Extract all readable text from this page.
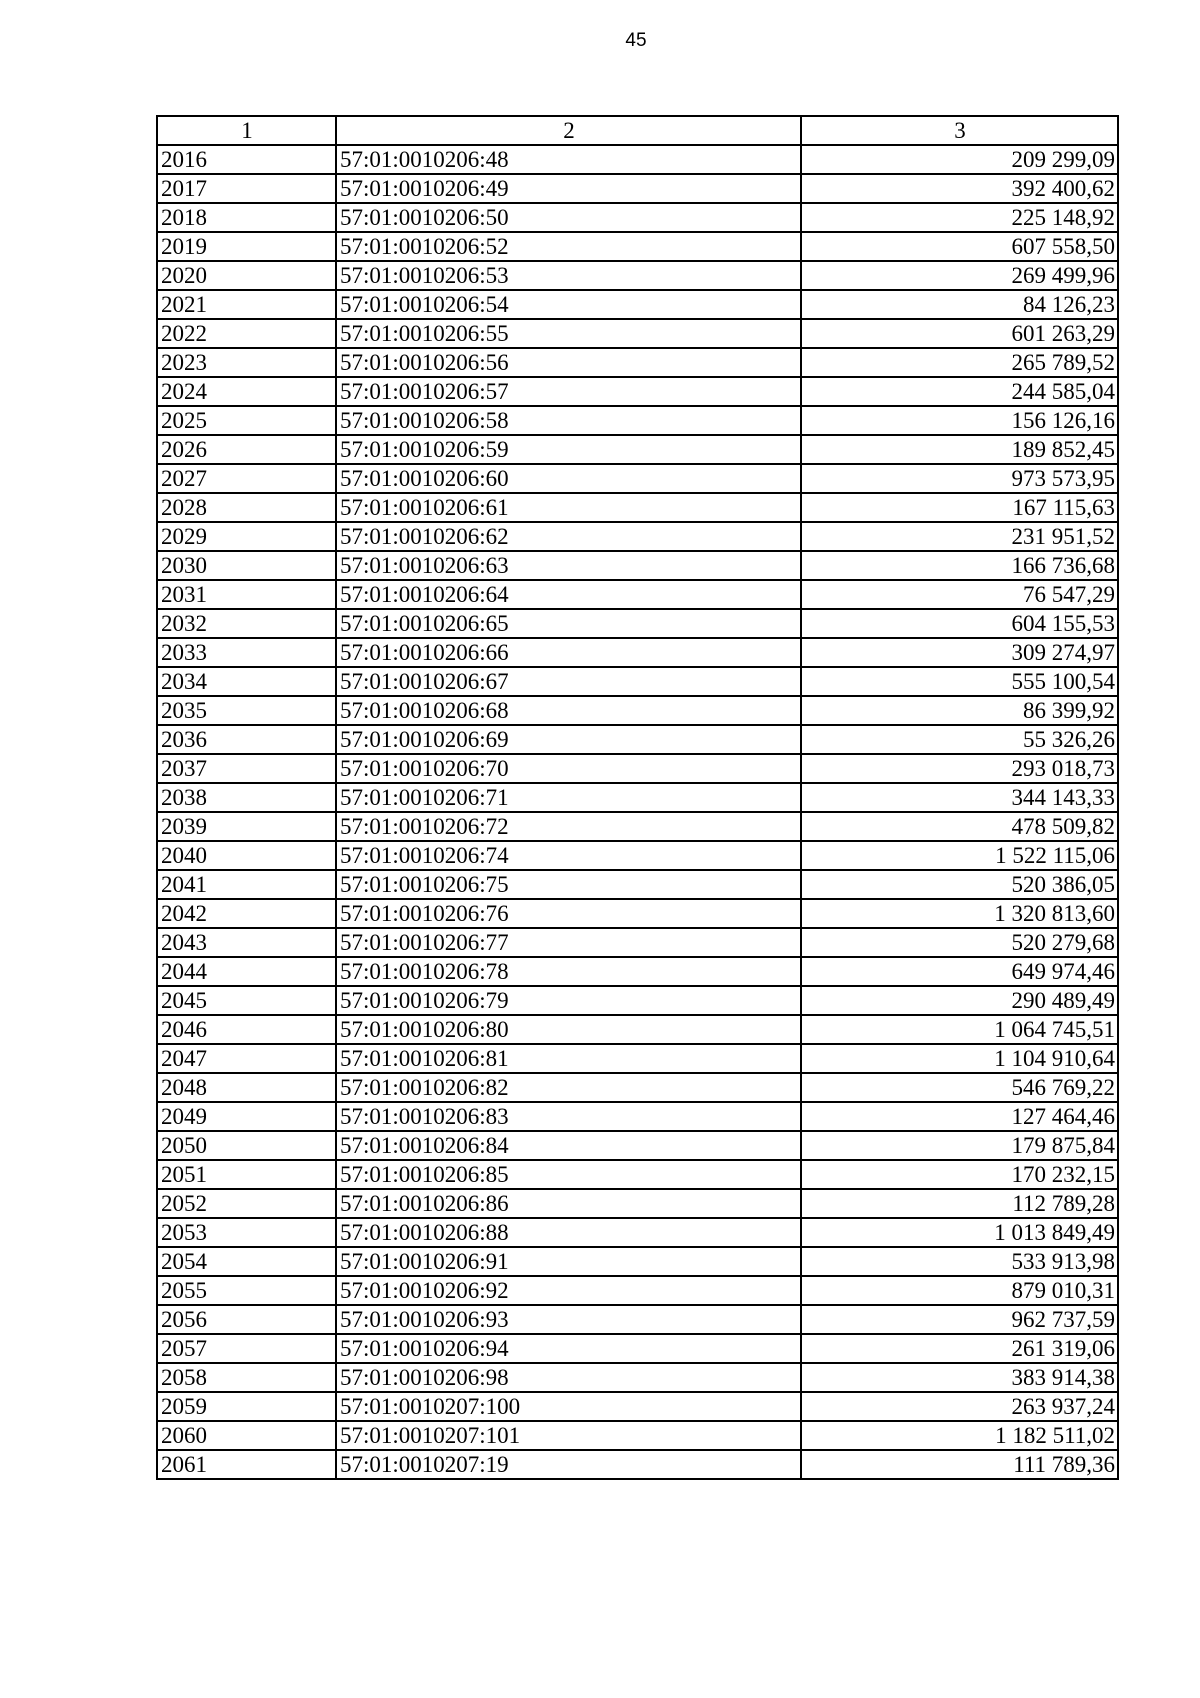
45
1	2	3
2016	57:01:0010206:48	209 299,09
2017	57:01:0010206:49	392 400,62
2018	57:01:0010206:50	225 148,92
2019	57:01:0010206:52	607 558,50
2020	57:01:0010206:53	269 499,96
2021	57:01:0010206:54	84 126,23
2022	57:01:0010206:55	601 263,29
2023	57:01:0010206:56	265 789,52
2024	57:01:0010206:57	244 585,04
2025	57:01:0010206:58	156 126,16
2026	57:01:0010206:59	189 852,45
2027	57:01:0010206:60	973 573,95
2028	57:01:0010206:61	167 115,63
2029	57:01:0010206:62	231 951,52
2030	57:01:0010206:63	166 736,68
2031	57:01:0010206:64	76 547,29
2032	57:01:0010206:65	604 155,53
2033	57:01:0010206:66	309 274,97
2034	57:01:0010206:67	555 100,54
2035	57:01:0010206:68	86 399,92
2036	57:01:0010206:69	55 326,26
2037	57:01:0010206:70	293 018,73
2038	57:01:0010206:71	344 143,33
2039	57:01:0010206:72	478 509,82
2040	57:01:0010206:74	1 522 115,06
2041	57:01:0010206:75	520 386,05
2042	57:01:0010206:76	1 320 813,60
2043	57:01:0010206:77	520 279,68
2044	57:01:0010206:78	649 974,46
2045	57:01:0010206:79	290 489,49
2046	57:01:0010206:80	1 064 745,51
2047	57:01:0010206:81	1 104 910,64
2048	57:01:0010206:82	546 769,22
2049	57:01:0010206:83	127 464,46
2050	57:01:0010206:84	179 875,84
2051	57:01:0010206:85	170 232,15
2052	57:01:0010206:86	112 789,28
2053	57:01:0010206:88	1 013 849,49
2054	57:01:0010206:91	533 913,98
2055	57:01:0010206:92	879 010,31
2056	57:01:0010206:93	962 737,59
2057	57:01:0010206:94	261 319,06
2058	57:01:0010206:98	383 914,38
2059	57:01:0010207:100	263 937,24
2060	57:01:0010207:101	1 182 511,02
2061	57:01:0010207:19	111 789,36
